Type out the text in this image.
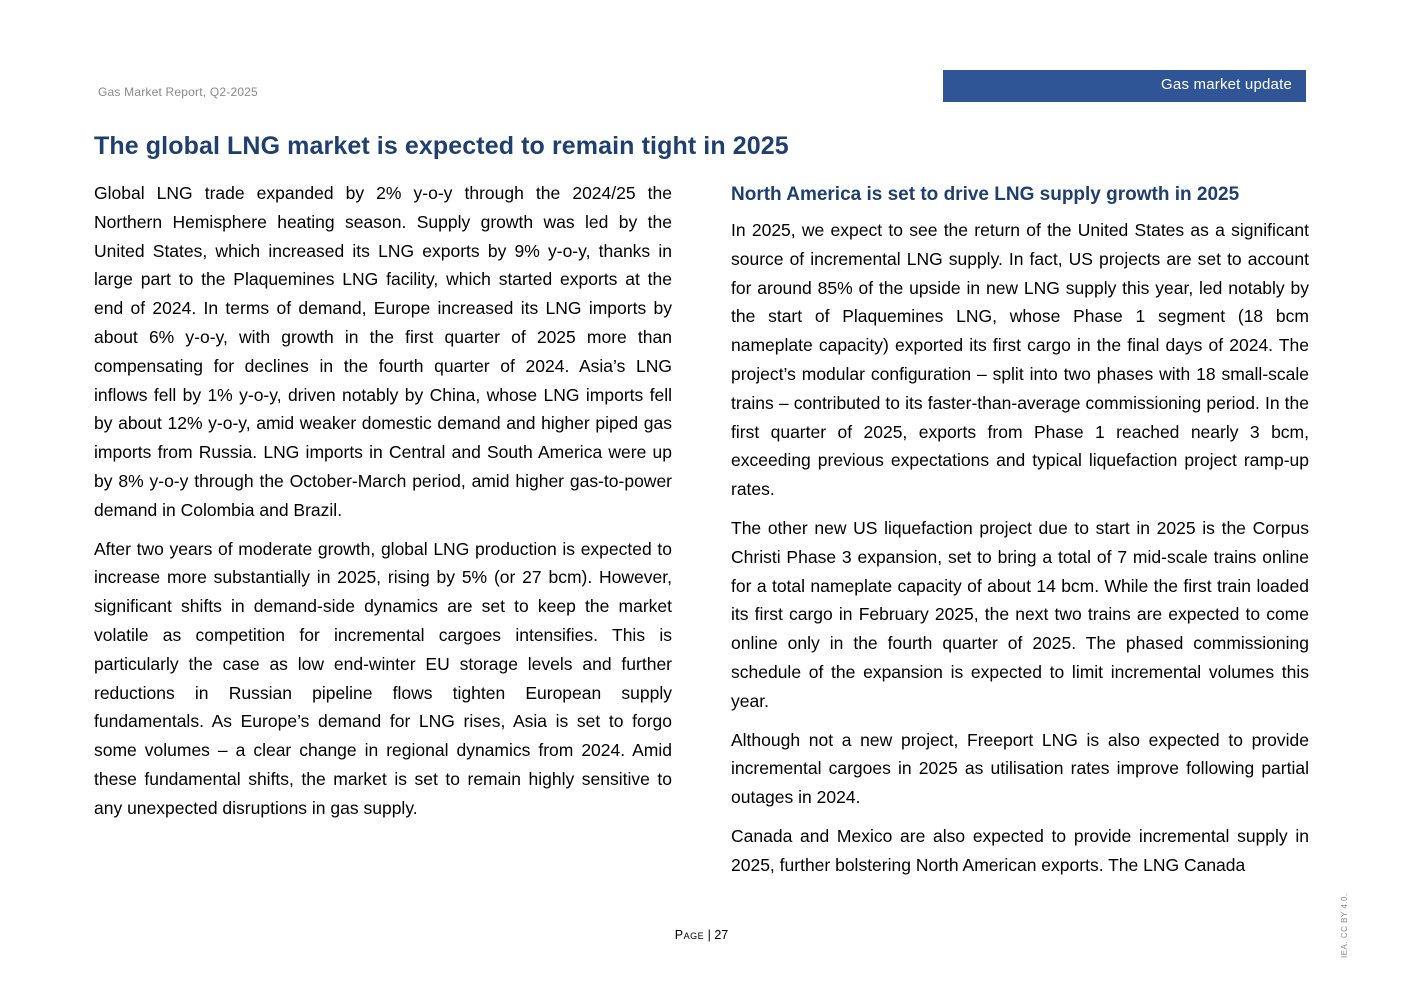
Gas Market Report, Q2-2025	Gas market update
The global LNG market is expected to remain tight in 2025

Global LNG trade expanded by 2% y-o-y through the 2024/25 the Northern Hemisphere heating season. Supply growth was led by the United States, which increased its LNG exports by 9% y-o-y, thanks in large part to the Plaquemines LNG facility, which started exports at the end of 2024. In terms of demand, Europe increased its LNG imports by about 6% y-o-y, with growth in the first quarter of 2025 more than compensating for declines in the fourth quarter of 2024. Asia’s LNG inflows fell by 1% y-o-y, driven notably by China, whose LNG imports fell by about 12% y-o-y, amid weaker domestic demand and higher piped gas imports from Russia. LNG imports in Central and South America were up by 8% y-o-y through the October-March period, amid higher gas-to-power demand in Colombia and Brazil.

After two years of moderate growth, global LNG production is expected to increase more substantially in 2025, rising by 5% (or 27 bcm). However, significant shifts in demand-side dynamics are set to keep the market volatile as competition for incremental cargoes intensifies. This is particularly the case as low end-winter EU storage levels and further reductions in Russian pipeline flows tighten European supply fundamentals. As Europe’s demand for LNG rises, Asia is set to forgo some volumes – a clear change in regional dynamics from 2024. Amid these fundamental shifts, the market is set to remain highly sensitive to any unexpected disruptions in gas supply.

North America is set to drive LNG supply growth in 2025

In 2025, we expect to see the return of the United States as a significant source of incremental LNG supply. In fact, US projects are set to account for around 85% of the upside in new LNG supply this year, led notably by the start of Plaquemines LNG, whose Phase 1 segment (18 bcm nameplate capacity) exported its first cargo in the final days of 2024. The project’s modular configuration – split into two phases with 18 small-scale trains – contributed to its faster-than-average commissioning period. In the first quarter of 2025, exports from Phase 1 reached nearly 3 bcm, exceeding previous expectations and typical liquefaction project ramp-up rates.

The other new US liquefaction project due to start in 2025 is the Corpus Christi Phase 3 expansion, set to bring a total of 7 mid-scale trains online for a total nameplate capacity of about 14 bcm. While the first train loaded its first cargo in February 2025, the next two trains are expected to come online only in the fourth quarter of 2025. The phased commissioning schedule of the expansion is expected to limit incremental volumes this year.

Although not a new project, Freeport LNG is also expected to provide incremental cargoes in 2025 as utilisation rates improve following partial outages in 2024.

Canada and Mexico are also expected to provide incremental supply in 2025, further bolstering North American exports. The LNG Canada

Page | 27	IEA. CC BY 4.0.
